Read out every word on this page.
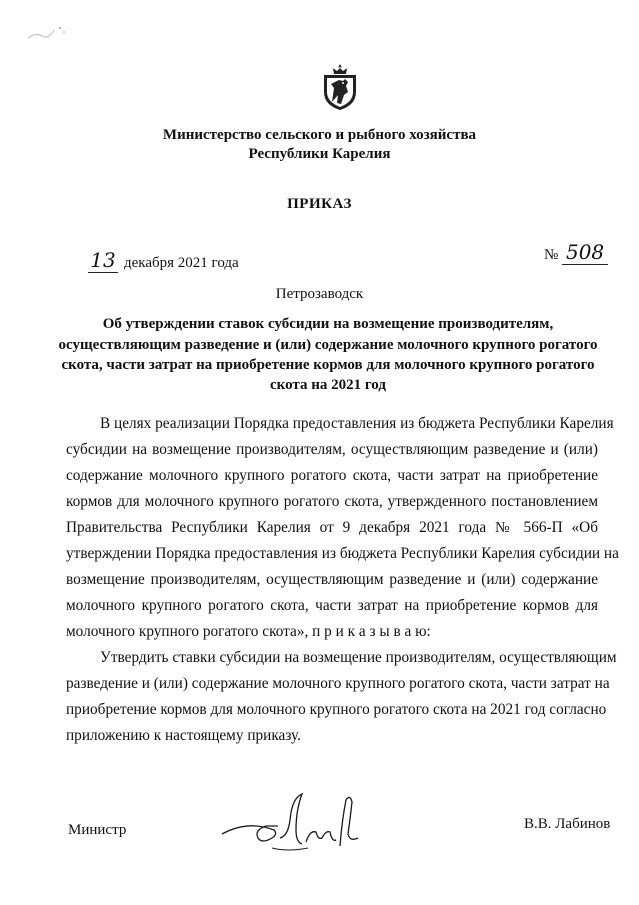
Министерство сельского и рыбного хозяйства
Республики Карелия
ПРИКАЗ
13 декабря 2021 года	№ 508
Петрозаводск
Об утверждении ставок субсидии на возмещение производителям,
осуществляющим разведение и (или) содержание молочного крупного рогатого
скота, части затрат на приобретение кормов для молочного крупного рогатого
скота на 2021 год
В целях реализации Порядка предоставления из бюджета Республики Карелия
субсидии на возмещение производителям, осуществляющим разведение и (или)
содержание молочного крупного рогатого скота, части затрат на приобретение
кормов для молочного крупного рогатого скота, утвержденного постановлением
Правительства Республики Карелия от 9 декабря 2021 года № 566-П «Об
утверждении Порядка предоставления из бюджета Республики Карелия субсидии на
возмещение производителям, осуществляющим разведение и (или) содержание
молочного крупного рогатого скота, части затрат на приобретение кормов для
молочного крупного рогатого скота», п р и к а з ы в а ю:
Утвердить ставки субсидии на возмещение производителям, осуществляющим
разведение и (или) содержание молочного крупного рогатого скота, части затрат на
приобретение кормов для молочного крупного рогатого скота на 2021 год согласно
приложению к настоящему приказу.
Министр	В.В. Лабинов
